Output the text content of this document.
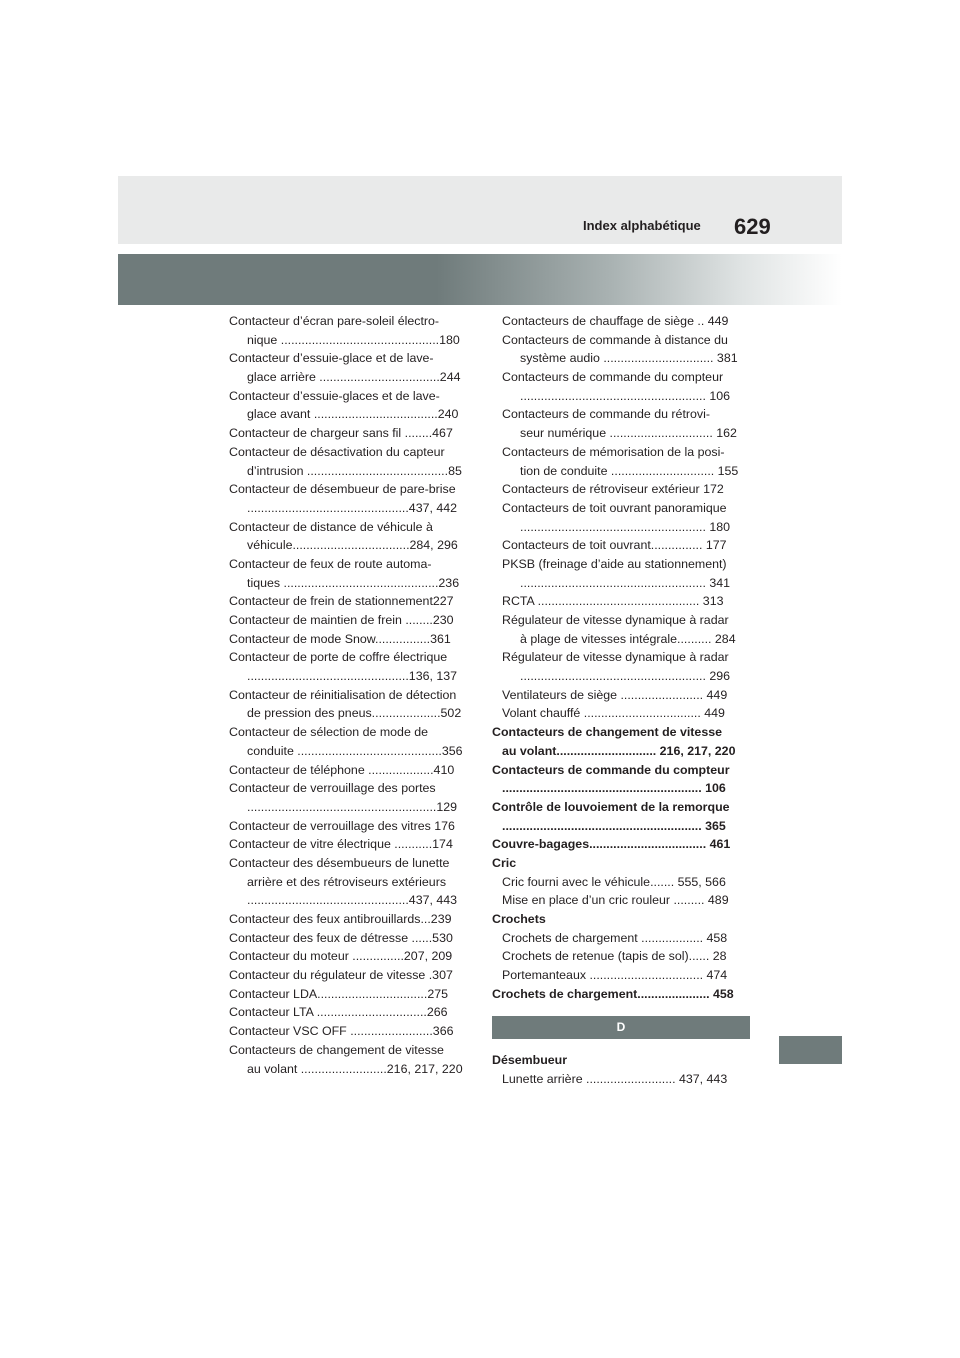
Index alphabétique 629
Contacteur d’écran pare-soleil électro-
nique ..............................................180
Contacteur d’essuie-glace et de lave-
glace arrière ...................................244
Contacteur d’essuie-glaces et de lave-
glace avant ....................................240
Contacteur de chargeur sans fil ........467
Contacteur de désactivation du capteur
d’intrusion .........................................85
Contacteur de désembueur de pare-brise
...............................................437, 442
Contacteur de distance de véhicule à
véhicule..................................284, 296
Contacteur de feux de route automa-
tiques .............................................236
Contacteur de frein de stationnement227
Contacteur de maintien de frein ........230
Contacteur de mode Snow................361
Contacteur de porte de coffre électrique
...............................................136, 137
Contacteur de réinitialisation de détection
de pression des pneus....................502
Contacteur de sélection de mode de
conduite ..........................................356
Contacteur de téléphone ...................410
Contacteur de verrouillage des portes
.......................................................129
Contacteur de verrouillage des vitres 176
Contacteur de vitre électrique ...........174
Contacteur des désembueurs de lunette
arrière et des rétroviseurs extérieurs
...............................................437, 443
Contacteur des feux antibrouillards...239
Contacteur des feux de détresse ......530
Contacteur du moteur ...............207, 209
Contacteur du régulateur de vitesse .307
Contacteur LDA................................275
Contacteur LTA ................................266
Contacteur VSC OFF ........................366
Contacteurs de changement de vitesse
au volant .........................216, 217, 220
Contacteurs de chauffage de siège .. 449
Contacteurs de commande à distance du
système audio ................................ 381
Contacteurs de commande du compteur
...................................................... 106
Contacteurs de commande du rétrovi-
seur numérique .............................. 162
Contacteurs de mémorisation de la posi-
tion de conduite .............................. 155
Contacteurs de rétroviseur extérieur 172
Contacteurs de toit ouvrant panoramique
...................................................... 180
Contacteurs de toit ouvrant............... 177
PKSB (freinage d’aide au stationnement)
...................................................... 341
RCTA ............................................... 313
Régulateur de vitesse dynamique à radar
à plage de vitesses intégrale.......... 284
Régulateur de vitesse dynamique à radar
...................................................... 296
Ventilateurs de siège ........................ 449
Volant chauffé .................................. 449
Contacteurs de changement de vitesse
au volant............................. 216, 217, 220
Contacteurs de commande du compteur
.......................................................... 106
Contrôle de louvoiement de la remorque
.......................................................... 365
Couvre-bagages.................................. 461
Cric
Cric fourni avec le véhicule....... 555, 566
Mise en place d’un cric rouleur ......... 489
Crochets
Crochets de chargement .................. 458
Crochets de retenue (tapis de sol)...... 28
Portemanteaux ................................. 474
Crochets de chargement..................... 458
D
Désembueur
Lunette arrière .......................... 437, 443
